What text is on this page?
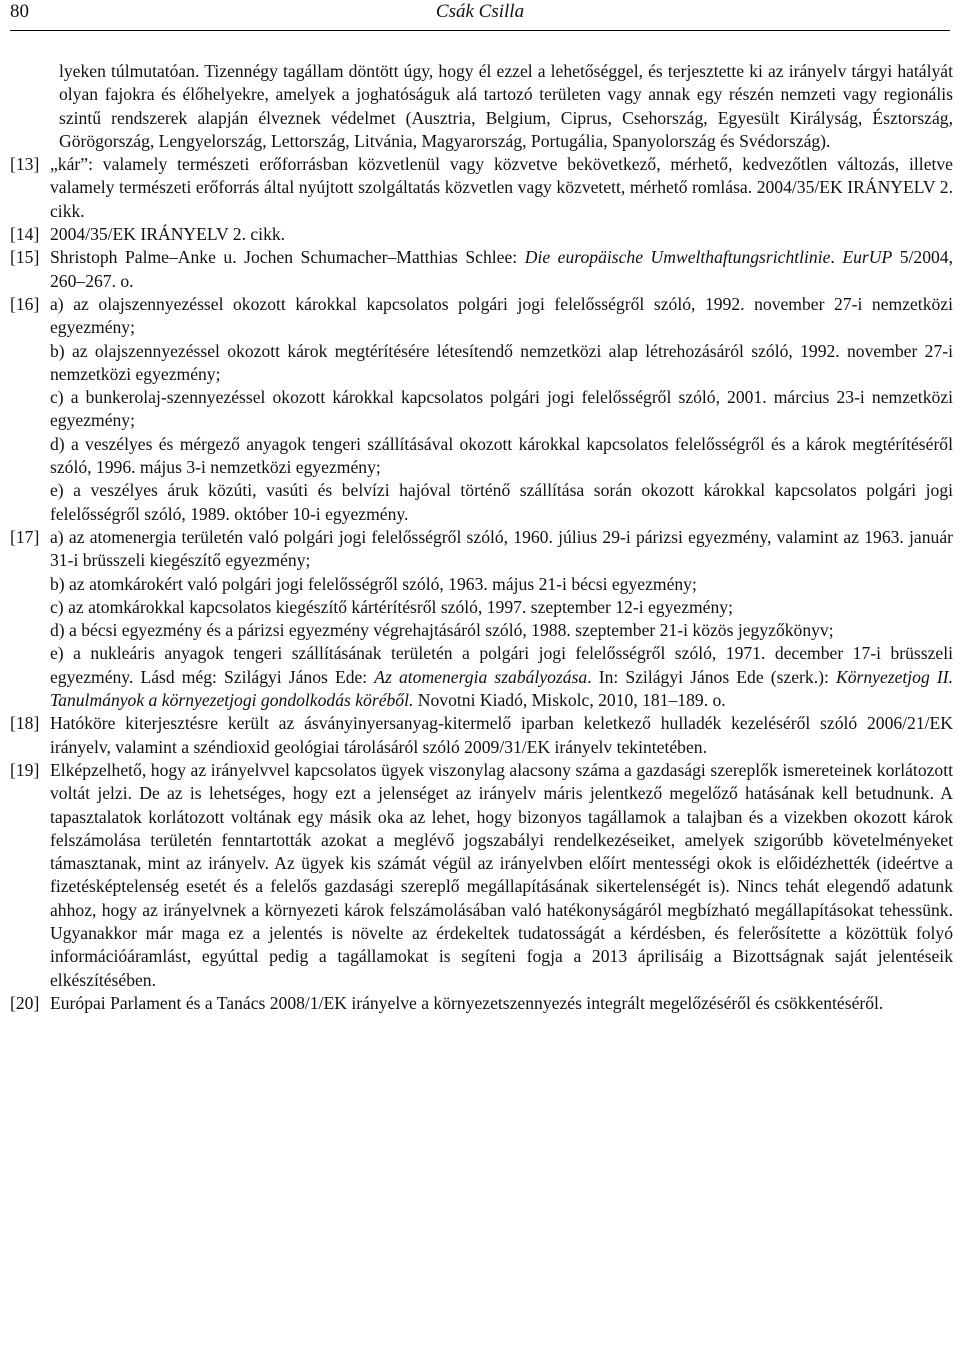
80	Csák Csilla

lyeken túlmutatóan. Tizennégy tagállam döntött úgy, hogy él ezzel a lehetőséggel, és terjesztette ki az irányelv tárgyi hatályát olyan fajokra és élőhelyekre, amelyek a joghatóságuk alá tartozó területen vagy annak egy részén nemzeti vagy regionális szintű rendszerek alapján élveznek védelmet (Ausztria, Belgium, Ciprus, Csehország, Egyesült Királyság, Észtország, Görögország, Lengyelország, Lettország, Litvánia, Magyarország, Portugália, Spanyolország és Svédország).

[13] „kár”: valamely természeti erőforrásban közvetlenül vagy közvetve bekövetkező, mérhető, kedvezőtlen változás, illetve valamely természeti erőforrás által nyújtott szolgáltatás közvetlen vagy közvetett, mérhető romlása. 2004/35/EK IRÁNYELV 2. cikk.
[14] 2004/35/EK IRÁNYELV 2. cikk.
[15] Shristoph Palme–Anke u. Jochen Schumacher–Matthias Schlee: Die europäische Umwelthaftungsrichtlinie. EurUP 5/2004, 260–267. o.
[16] a) az olajszennyezéssel okozott károkkal kapcsolatos polgári jogi felelősségről szóló, 1992. november 27-i nemzetközi egyezmény;

b) az olajszennyezéssel okozott károk megtérítésére létesítendő nemzetközi alap létrehozásáról szóló, 1992. november 27-i nemzetközi egyezmény;

c) a bunkerolaj-szennyezéssel okozott károkkal kapcsolatos polgári jogi felelősségről szóló, 2001. március 23-i nemzetközi egyezmény;

d) a veszélyes és mérgező anyagok tengeri szállításával okozott károkkal kapcsolatos felelősségről és a károk megtérítéséről szóló, 1996. május 3-i nemzetközi egyezmény;

e) a veszélyes áruk közúti, vasúti és belvízi hajóval történő szállítása során okozott károkkal kapcsolatos polgári jogi felelősségről szóló, 1989. október 10-i egyezmény.

[17] a) az atomenergia területén való polgári jogi felelősségről szóló, 1960. július 29-i párizsi egyezmény, valamint az 1963. január 31-i brüsszeli kiegészítő egyezmény;

b) az atomkárokért való polgári jogi felelősségről szóló, 1963. május 21-i bécsi egyezmény;

c) az atomkárokkal kapcsolatos kiegészítő kártérítésről szóló, 1997. szeptember 12-i egyezmény;

d) a bécsi egyezmény és a párizsi egyezmény végrehajtásáról szóló, 1988. szeptember 21-i közös jegyzőkönyv;

e) a nukleáris anyagok tengeri szállításának területén a polgári jogi felelősségről szóló, 1971. december 17-i brüsszeli egyezmény. Lásd még: Szilágyi János Ede: Az atomenergia szabályozása. In: Szilágyi János Ede (szerk.): Környezetjog II. Tanulmányok a környezetjogi gondolkodás köréből. Novotni Kiadó, Miskolc, 2010, 181–189. o.

[18] Hatóköre kiterjesztésre került az ásványinyersanyag-kitermelő iparban keletkező hulladék kezeléséről szóló 2006/21/EK irányelv, valamint a széndioxid geológiai tárolásáról szóló 2009/31/EK irányelv tekintetében.
[19] Elképzelhető, hogy az irányelvvel kapcsolatos ügyek viszonylag alacsony száma a gazdasági szereplők ismereteinek korlátozott voltát jelzi. De az is lehetséges, hogy ezt a jelenséget az irányelv máris jelentkező megelőző hatásának kell betudnunk. A tapasztalatok korlátozott voltának egy másik oka az lehet, hogy bizonyos tagállamok a talajban és a vizekben okozott károk felszámolása területén fenntartották azokat a meglévő jogszabályi rendelkezéseiket, amelyek szigorúbb követelményeket támasztanak, mint az irányelv. Az ügyek kis számát végül az irányelvben előírt mentességi okok is előidézhették (ideértve a fizetésképtelenség esetét és a felelős gazdasági szereplő megállapításának sikertelenségét is). Nincs tehát elegendő adatunk ahhoz, hogy az irányelvnek a környezeti károk felszámolásában való hatékonyságáról megbízható megállapításokat tehessünk. Ugyanakkor már maga ez a jelentés is növelte az érdekeltek tudatosságát a kérdésben, és felerősítette a közöttük folyó információáramlást, egyúttal pedig a tagállamokat is segíteni fogja a 2013 áprilisáig a Bizottságnak saját jelentéseik elkészítésében.
[20] Európai Parlament és a Tanács 2008/1/EK irányelve a környezetszennyezés integrált megelőzéséről és csökkentéséről.
